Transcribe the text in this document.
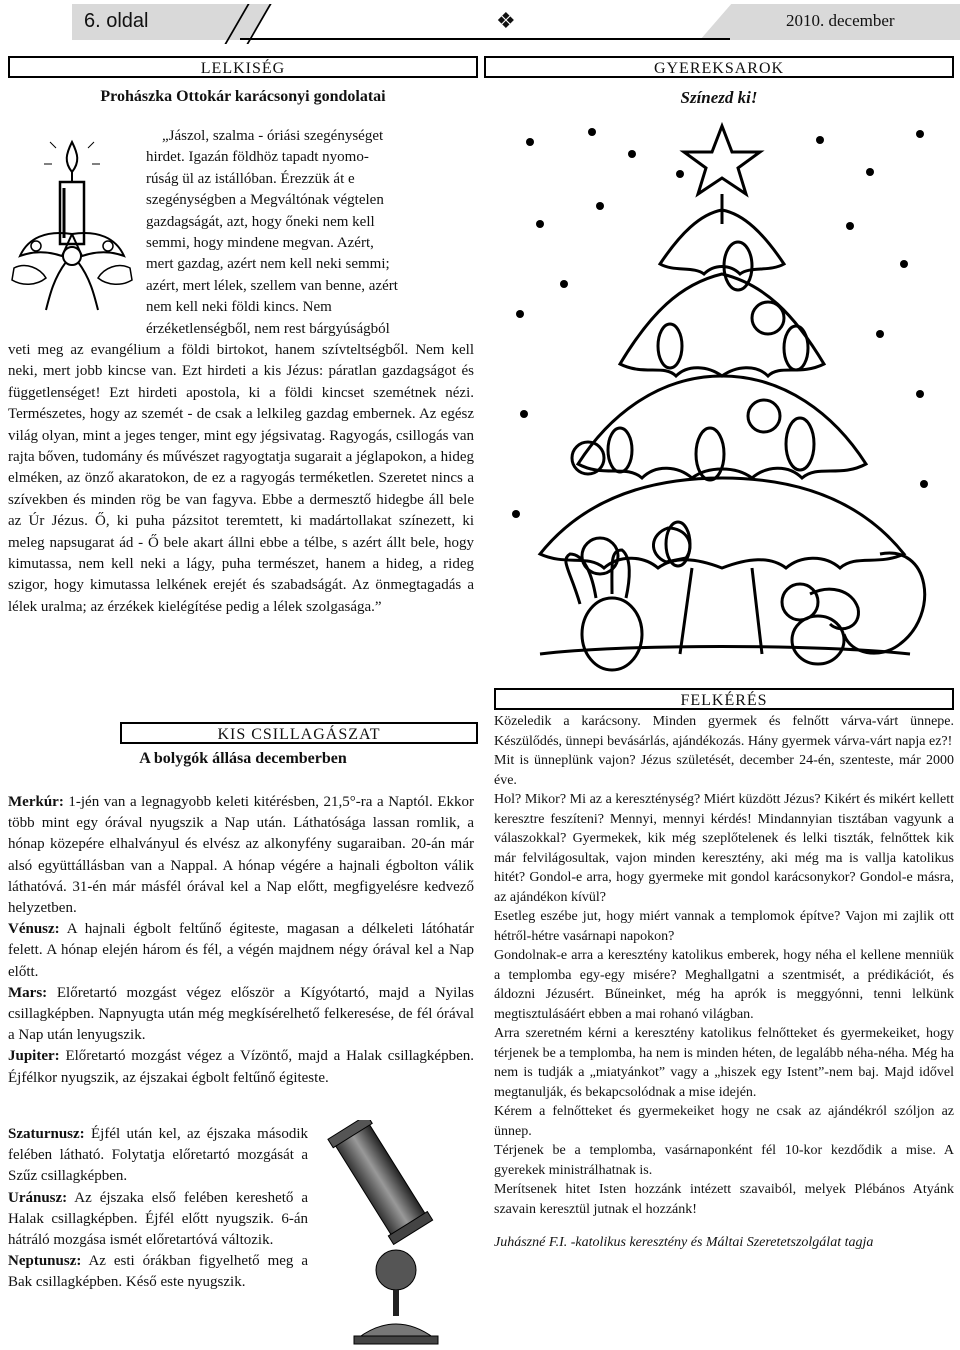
6. oldal	❖	2010. december
LELKISÉG
Prohászka Ottokár karácsonyi gondolatai
„Jászol, szalma - óriási szegénységet
hirdet. Igazán földhöz tapadt nyomo-
rúság ül az istállóban. Érezzük át e
szegénységben a Megváltónak végtelen
gazdagságát, azt, hogy őneki nem kell
semmi, hogy mindene megvan. Azért,
mert gazdag, azért nem kell neki semmi;
azért, mert lélek, szellem van benne, azért
nem kell neki földi kincs. Nem
érzéketlenségből, nem rest bárgyúságból

veti meg az evangélium a földi birtokot, hanem szívteltségből. Nem kell neki, mert jobb kincse van. Ezt hirdeti a kis Jézus: páratlan gazdagságot és függetlenséget! Ezt hirdeti apostola, ki a földi kincset szemétnek nézi. Természetes, hogy az szemét - de csak a lelkileg gazdag embernek. Az egész világ olyan, mint a jeges tenger, mint egy jégsivatag. Ragyogás, csillogás van rajta bőven, tudomány és művészet ragyogtatja sugarait a jéglapokon, a hideg elméken, az önző akaratokon, de ez a ragyogás terméketlen. Szeretet nincs a szívekben és minden rög be van fagyva. Ebbe a dermesztő hidegbe áll bele az Úr Jézus. Ő, ki puha pázsitot teremtett, ki madártollakat színezett, ki meleg napsugarat ád - Ő bele akart állni ebbe a télbe, s azért állt bele, hogy kimutassa, nem kell neki a lágy, puha természet, hanem a hideg, a rideg szigor, hogy kimutassa lelkének erejét és szabadságát. Az önmegtagadás a lélek uralma; az érzékek kielégítése pedig a lélek szolgasága.”

KIS CSILLAGÁSZAT
A bolygók állása decemberben

Merkúr: 1-jén van a legnagyobb keleti kitérésben, 21,5°-ra a Naptól. Ekkor több mint egy órával nyugszik a Nap után. Láthatósága lassan romlik, a hónap közepére elhalványul és elvész az alkonyfény sugaraiban. 20-án már alsó együttállásban van a Nappal. A hónap végére a hajnali égbolton válik láthatóvá. 31-én már másfél órával kel a Nap előtt, megfigyelésre kedvező helyzetben.

Vénusz: A hajnali égbolt feltűnő égiteste, magasan a délkeleti látóhatár felett. A hónap elején három és fél, a végén majdnem négy órával kel a Nap előtt.

Mars: Előretartó mozgást végez először a Kígyótartó, majd a Nyilas csillagképben. Napnyugta után még megkísérelhető felkeresése, de fél órával a Nap után lenyugszik.

Jupiter: Előretartó mozgást végez a Vízöntő, majd a Halak csillagképben. Éjfélkor nyugszik, az éjszakai égbolt feltűnő égiteste.

Szaturnusz: Éjfél után kel, az éjszaka második felében látható. Folytatja előretartó mozgását a Szűz csillagképben.

Uránusz: Az éjszaka első felében kereshető a Halak csillagképben. Éjfél előtt nyugszik. 6-án hátráló mozgása ismét előretartóvá változik.

Neptunusz: Az esti órákban figyelhető meg a Bak csillagképben. Késő este nyugszik.

GYEREKSAROK
Színezd ki!
FELKÉRÉS

Közeledik a karácsony. Minden gyermek és felnőtt várva-várt ünnepe. Készülődés, ünnepi bevásárlás, ajándékozás. Hány gyermek várva-várt napja ez?!

Mit is ünneplünk vajon? Jézus születését, december 24-én, szenteste, már 2000 éve.

Hol? Mikor? Mi az a kereszténység? Miért küzdött Jézus? Kikért és mikért kellett keresztre feszíteni? Mennyi, mennyi kérdés! Mindannyian tisztában vagyunk a válaszokkal? Gyermekek, kik még szeplőtelenek és lelki tiszták, felnőttek kik már felvilágosultak, vajon minden keresztény, aki még ma is vallja katolikus hitét? Gondol-e arra, hogy gyermeke mit gondol karácsonykor? Gondol-e másra, az ajándékon kívül?

Esetleg eszébe jut, hogy miért vannak a templomok építve? Vajon mi zajlik ott hétről-hétre vasárnapi napokon?

Gondolnak-e arra a keresztény katolikus emberek, hogy néha el kellene menniük a templomba egy-egy misére? Meghallgatni a szentmisét, a prédikációt, és áldozni Jézusért. Bűneinket, még ha aprók is meggyónni, tenni lelkünk megtisztulásáért ebben a mai rohanó világban.

Arra szeretném kérni a keresztény katolikus felnőtteket és gyermekeiket, hogy térjenek be a templomba, ha nem is minden héten, de legalább néha-néha. Még ha nem is tudják a „miatyánkot” vagy a „hiszek egy Istent”-nem baj. Majd idővel megtanulják, és bekapcsolódnak a mise idején.

Kérem a felnőtteket és gyermekeiket hogy ne csak az ajándékról szóljon az ünnep.

Térjenek be a templomba, vasárnaponként fél 10-kor kezdődik a mise. A gyerekek ministrálhatnak is.

Merítsenek hitet Isten hozzánk intézett szavaiból, melyek Plébános Atyánk szavain keresztül jutnak el hozzánk!

Juhászné F.I. -katolikus keresztény és Máltai Szeretetszolgálat tagja
